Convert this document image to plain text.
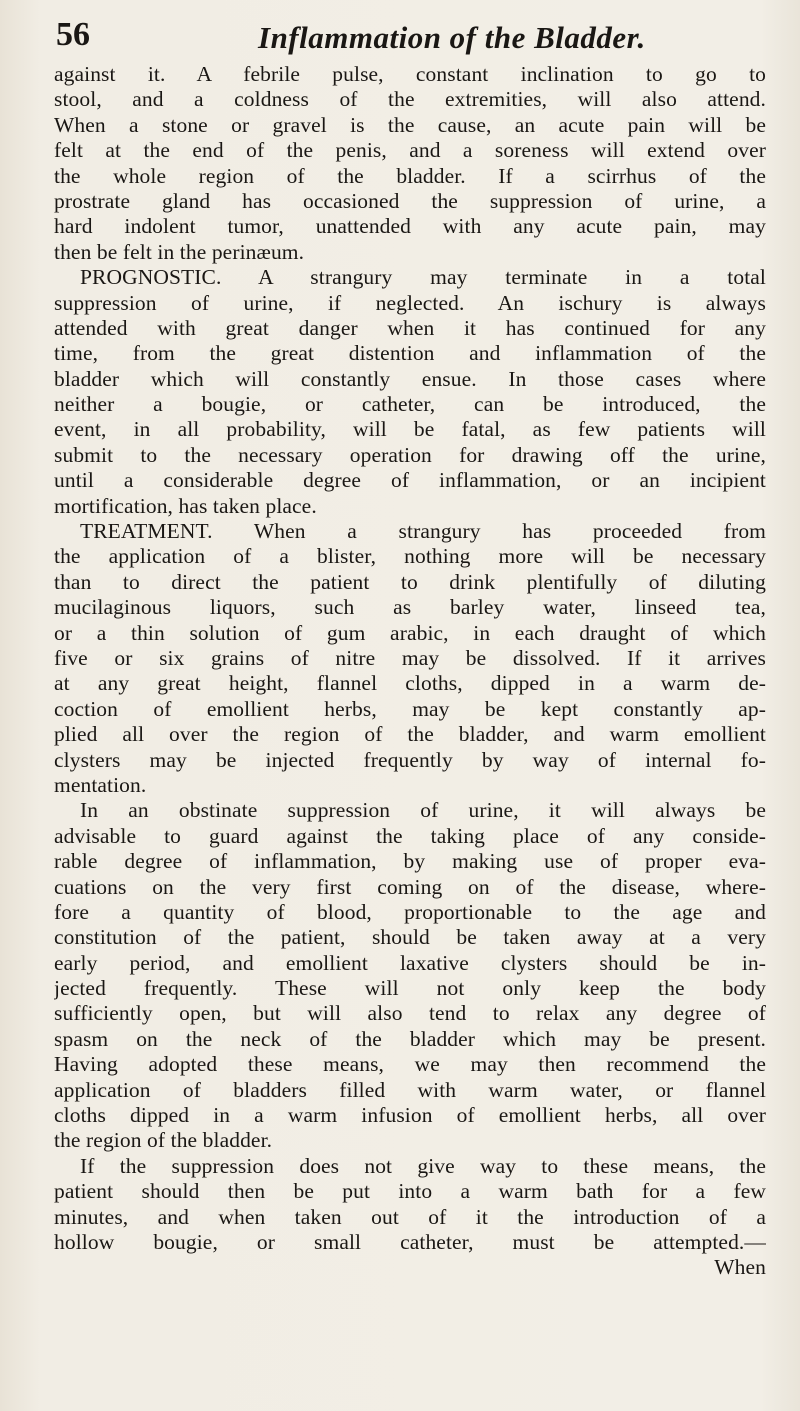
56	Inflammation of the Bladder.
against it. A febrile pulse, constant inclination to go to
stool, and a coldness of the extremities, will also attend.
When a stone or gravel is the cause, an acute pain will be
felt at the end of the penis, and a soreness will extend over
the whole region of the bladder. If a scirrhus of the
prostrate gland has occasioned the suppression of urine, a
hard indolent tumor, unattended with any acute pain, may
then be felt in the perinæum.
PROGNOSTIC. A strangury may terminate in a total
suppression of urine, if neglected. An ischury is always
attended with great danger when it has continued for any
time, from the great distention and inflammation of the
bladder which will constantly ensue. In those cases where
neither a bougie, or catheter, can be introduced, the
event, in all probability, will be fatal, as few patients will
submit to the necessary operation for drawing off the urine,
until a considerable degree of inflammation, or an incipient
mortification, has taken place.
TREATMENT. When a strangury has proceeded from
the application of a blister, nothing more will be necessary
than to direct the patient to drink plentifully of diluting
mucilaginous liquors, such as barley water, linseed tea,
or a thin solution of gum arabic, in each draught of which
five or six grains of nitre may be dissolved. If it arrives
at any great height, flannel cloths, dipped in a warm de-
coction of emollient herbs, may be kept constantly ap-
plied all over the region of the bladder, and warm emollient
clysters may be injected frequently by way of internal fo-
mentation.
In an obstinate suppression of urine, it will always be
advisable to guard against the taking place of any conside-
rable degree of inflammation, by making use of proper eva-
cuations on the very first coming on of the disease, where-
fore a quantity of blood, proportionable to the age and
constitution of the patient, should be taken away at a very
early period, and emollient laxative clysters should be in-
jected frequently. These will not only keep the body
sufficiently open, but will also tend to relax any degree of
spasm on the neck of the bladder which may be present.
Having adopted these means, we may then recommend the
application of bladders filled with warm water, or flannel
cloths dipped in a warm infusion of emollient herbs, all over
the region of the bladder.
If the suppression does not give way to these means, the
patient should then be put into a warm bath for a few
minutes, and when taken out of it the introduction of a
hollow bougie, or small catheter, must be attempted.—
When
